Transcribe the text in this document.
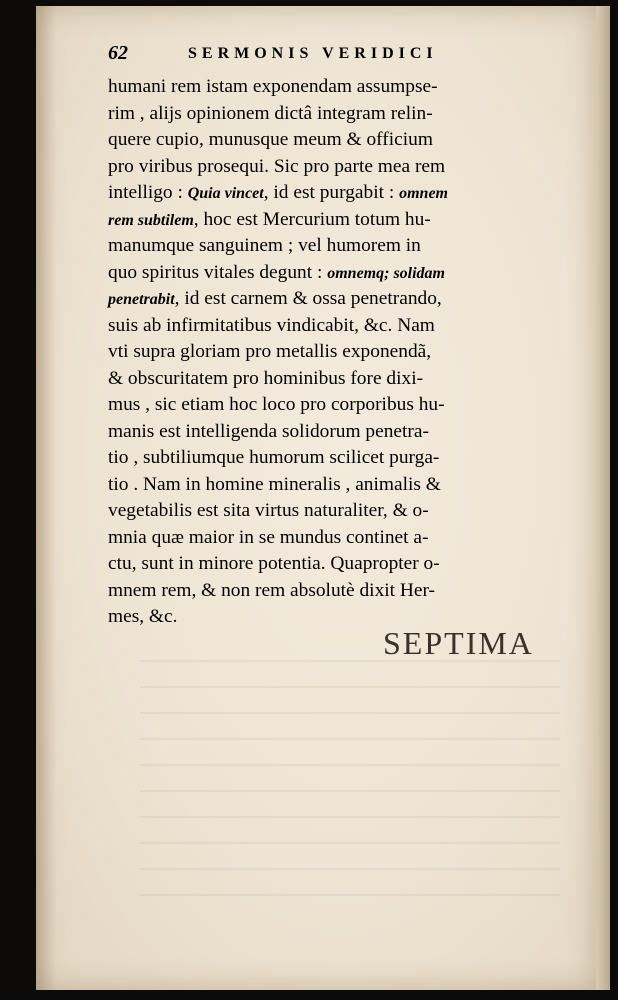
62	SERMONIS VERIDICI
humani rem istam exponendam assumpse-
rim , alijs opinionem dictâ integram relin-
quere cupio, munusque meum & officium
pro viribus prosequi. Sic pro parte mea rem
intelligo : Quia vincet, id est purgabit : omnem
rem subtilem, hoc est Mercurium totum hu-
manumque sanguinem ; vel humorem in
quo spiritus vitales degunt : omnemq; solidam
penetrabit, id est carnem & ossa penetrando,
suis ab infirmitatibus vindicabit, &c. Nam
vti supra gloriam pro metallis exponendã,
& obscuritatem pro hominibus fore dixi-
mus , sic etiam hoc loco pro corporibus hu-
manis est intelligenda solidorum penetra-
tio , subtiliumque humorum scilicet purga-
tio . Nam in homine mineralis , animalis &
vegetabilis est sita virtus naturaliter, & o-
mnia quæ maior in se mundus continet a-
ctu, sunt in minore potentia. Quapropter o-
mnem rem, & non rem absolutè dixit Her-
mes, &c.
SEPTIMA
